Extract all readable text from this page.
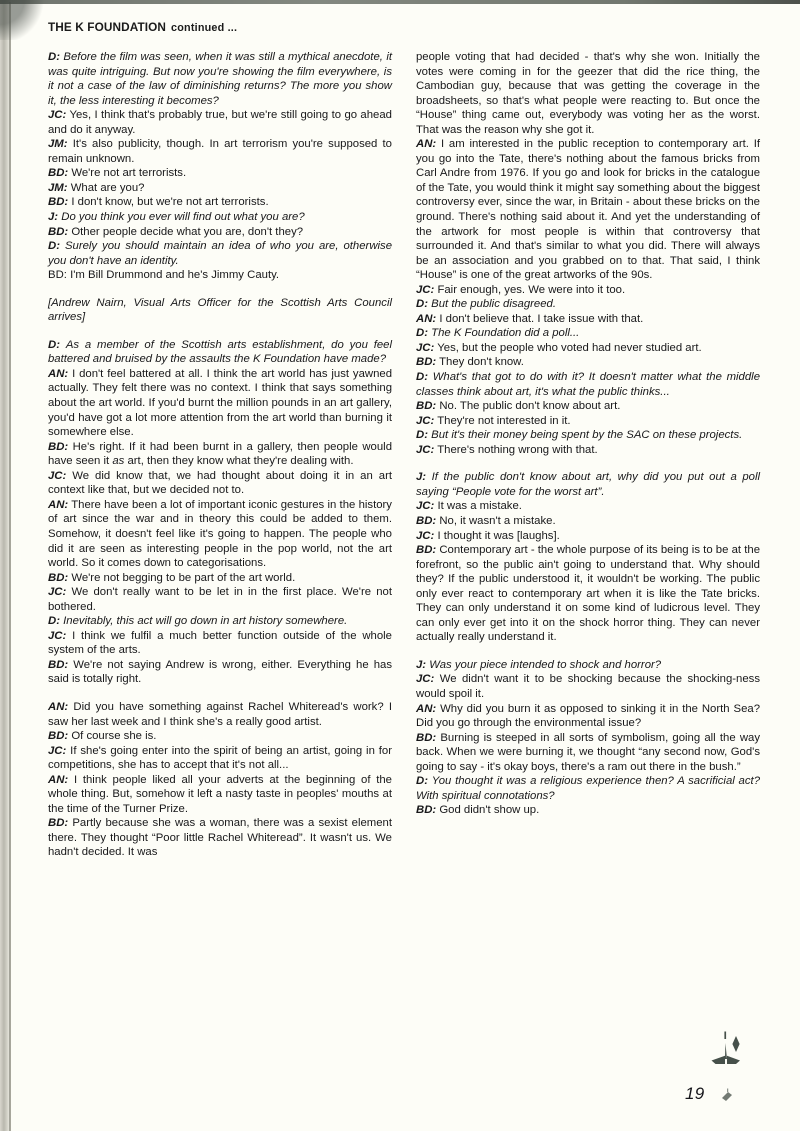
THE K FOUNDATION continued ...

D: Before the film was seen, when it was still a mythical anecdote, it was quite intriguing. But now you're showing the film everywhere, is it not a case of the law of diminishing returns? The more you show it, the less interesting it becomes?

JC: Yes, I think that's probably true, but we're still going to go ahead and do it anyway.

JM: It's also publicity, though. In art terrorism you're supposed to remain unknown.

BD: We're not art terrorists.

JM: What are you?

BD: I don't know, but we're not art terrorists.

J: Do you think you ever will find out what you are?

BD: Other people decide what you are, don't they?

D: Surely you should maintain an idea of who you are, otherwise you don't have an identity.

BD: I'm Bill Drummond and he's Jimmy Cauty.

[Andrew Nairn, Visual Arts Officer for the Scottish Arts Council arrives]

D: As a member of the Scottish arts establishment, do you feel battered and bruised by the assaults the K Foundation have made?

AN: I don't feel battered at all. I think the art world has just yawned actually. They felt there was no context. I think that says something about the art world. If you'd burnt the million pounds in an art gallery, you'd have got a lot more attention from the art world than burning it somewhere else.

BD: He's right. If it had been burnt in a gallery, then people would have seen it as art, then they know what they're dealing with.

JC: We did know that, we had thought about doing it in an art context like that, but we decided not to.

AN: There have been a lot of important iconic gestures in the history of art since the war and in theory this could be added to them. Somehow, it doesn't feel like it's going to happen. The people who did it are seen as interesting people in the pop world, not the art world. So it comes down to categorisations.

BD: We're not begging to be part of the art world.

JC: We don't really want to be let in in the first place. We're not bothered.

D: Inevitably, this act will go down in art history somewhere.

JC: I think we fulfil a much better function outside of the whole system of the arts.

BD: We're not saying Andrew is wrong, either. Everything he has said is totally right.

AN: Did you have something against Rachel Whiteread's work? I saw her last week and I think she's a really good artist.

BD: Of course she is.

JC: If she's going enter into the spirit of being an artist, going in for competitions, she has to accept that it's not all...

AN: I think people liked all your adverts at the beginning of the whole thing. But, somehow it left a nasty taste in peoples' mouths at the time of the Turner Prize.

BD: Partly because she was a woman, there was a sexist element there. They thought “Poor little Rachel Whiteread”. It wasn't us. We hadn't decided. It was

people voting that had decided - that's why she won. Initially the votes were coming in for the geezer that did the rice thing, the Cambodian guy, because that was getting the coverage in the broadsheets, so that's what people were reacting to. But once the “House” thing came out, everybody was voting her as the worst. That was the reason why she got it.

AN: I am interested in the public reception to contemporary art. If you go into the Tate, there's nothing about the famous bricks from Carl Andre from 1976. If you go and look for bricks in the catalogue of the Tate, you would think it might say something about the biggest controversy ever, since the war, in Britain - about these bricks on the ground. There's nothing said about it. And yet the understanding of the artwork for most people is within that controversy that surrounded it. And that's similar to what you did. There will always be an association and you grabbed on to that. That said, I think “House” is one of the great artworks of the 90s.

JC: Fair enough, yes. We were into it too.

D: But the public disagreed.

AN: I don't believe that. I take issue with that.

D: The K Foundation did a poll...

JC: Yes, but the people who voted had never studied art.

BD: They don't know.

D: What's that got to do with it? It doesn't matter what the middle classes think about art, it's what the public thinks...

BD: No. The public don't know about art.

JC: They're not interested in it.

D: But it's their money being spent by the SAC on these projects.

JC: There's nothing wrong with that.

J: If the public don't know about art, why did you put out a poll saying “People vote for the worst art”.

JC: It was a mistake.

BD: No, it wasn't a mistake.

JC: I thought it was [laughs].

BD: Contemporary art - the whole purpose of its being is to be at the forefront, so the public ain't going to understand that. Why should they? If the public understood it, it wouldn't be working. The public only ever react to contemporary art when it is like the Tate bricks. They can only understand it on some kind of ludicrous level. They can only ever get into it on the shock horror thing. They can never actually really understand it.

J: Was your piece intended to shock and horror?

JC: We didn't want it to be shocking because the shocking-ness would spoil it.

AN: Why did you burn it as opposed to sinking it in the North Sea? Did you go through the environmental issue?

BD: Burning is steeped in all sorts of symbolism, going all the way back. When we were burning it, we thought “any second now, God's going to say - it's okay boys, there's a ram out there in the bush.”

D: You thought it was a religious experience then? A sacrificial act? With spiritual connotations?

BD: God didn't show up.

19
